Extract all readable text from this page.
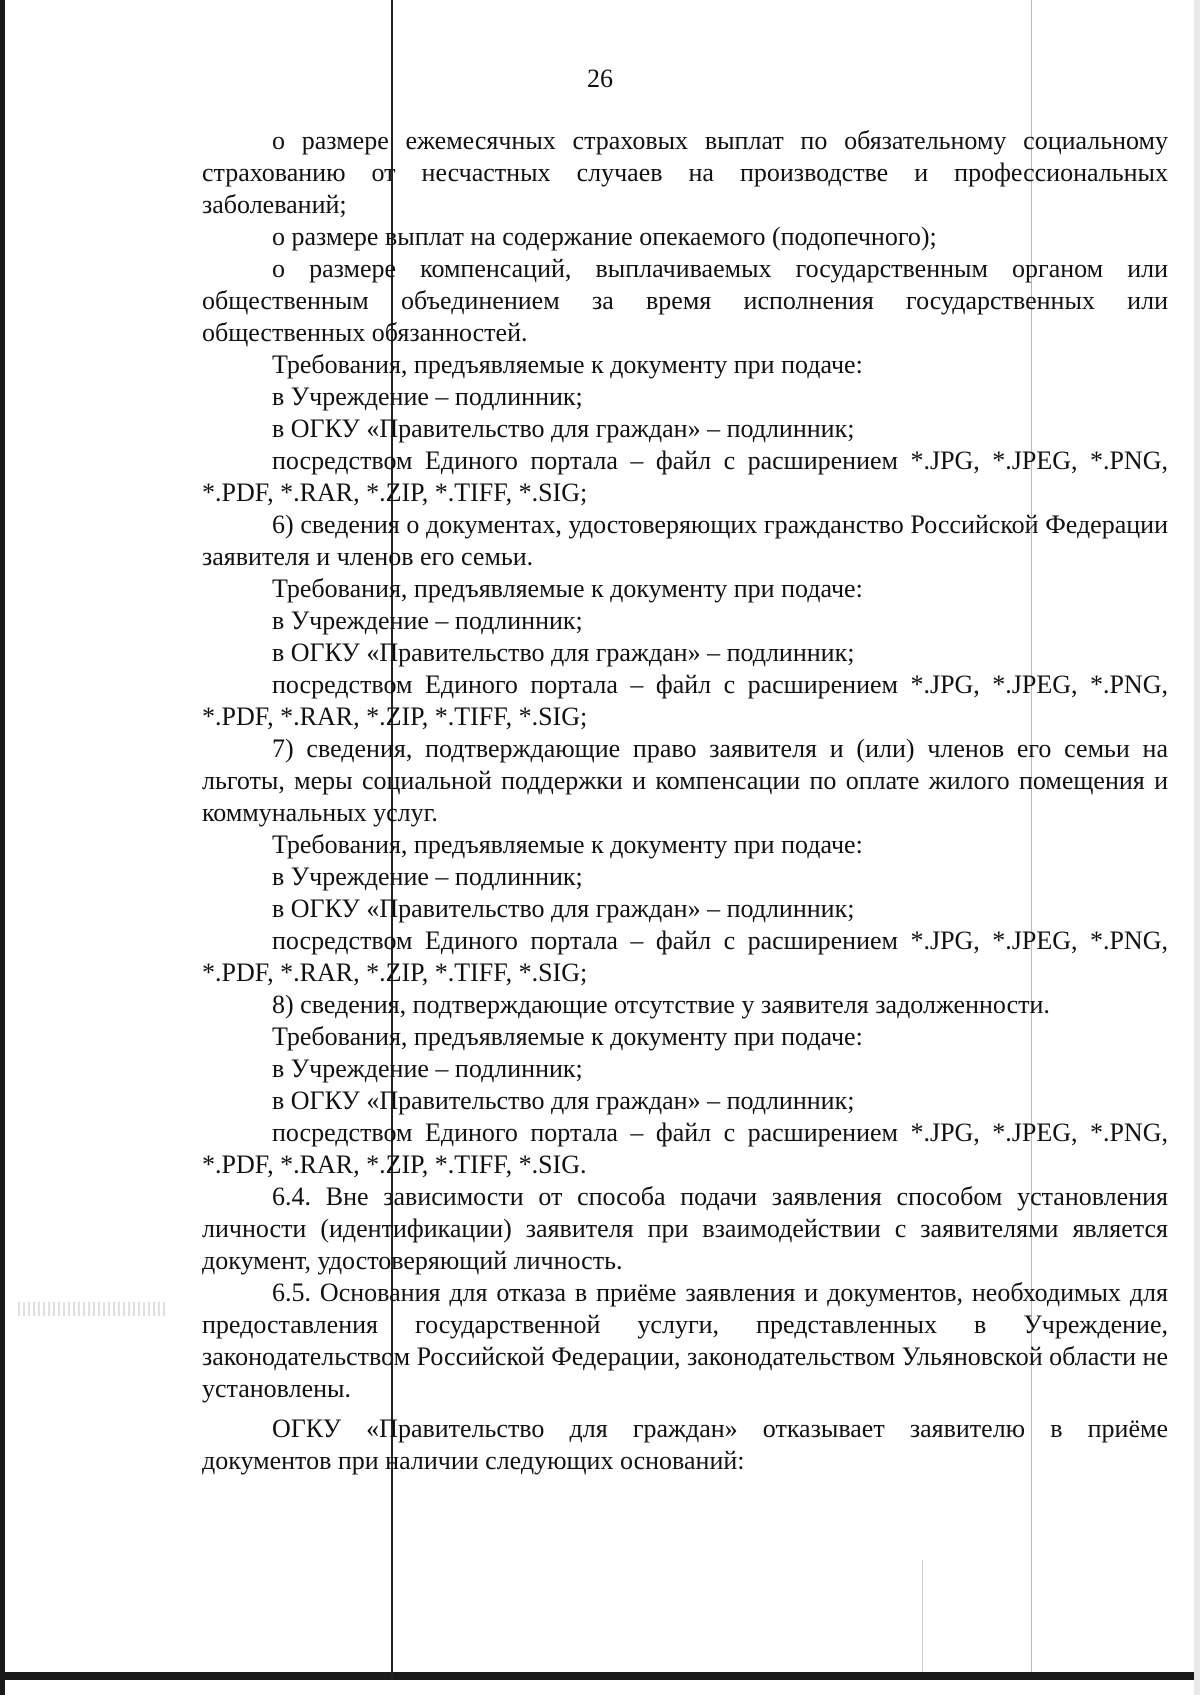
26

о размере ежемесячных страховых выплат по обязательному социальному страхованию от несчастных случаев на производстве и профессиональных заболеваний;

о размере выплат на содержание опекаемого (подопечного);

о размере компенсаций, выплачиваемых государственным органом или общественным объединением за время исполнения государственных или общественных обязанностей.

Требования, предъявляемые к документу при подаче:

в Учреждение – подлинник;

в ОГКУ «Правительство для граждан» – подлинник;

посредством Единого портала – файл с расширением *.JPG, *.JPEG, *.PNG, *.PDF, *.RAR, *.ZIP, *.TIFF, *.SIG;

6) сведения о документах, удостоверяющих гражданство Российской Федерации заявителя и членов его семьи.

Требования, предъявляемые к документу при подаче:

в Учреждение – подлинник;

в ОГКУ «Правительство для граждан» – подлинник;

посредством Единого портала – файл с расширением *.JPG, *.JPEG, *.PNG, *.PDF, *.RAR, *.ZIP, *.TIFF, *.SIG;

7) сведения, подтверждающие право заявителя и (или) членов его семьи на льготы, меры социальной поддержки и компенсации по оплате жилого помещения и коммунальных услуг.

Требования, предъявляемые к документу при подаче:

в Учреждение – подлинник;

в ОГКУ «Правительство для граждан» – подлинник;

посредством Единого портала – файл с расширением *.JPG, *.JPEG, *.PNG, *.PDF, *.RAR, *.ZIP, *.TIFF, *.SIG;

8) сведения, подтверждающие отсутствие у заявителя задолженности.

Требования, предъявляемые к документу при подаче:

в Учреждение – подлинник;

в ОГКУ «Правительство для граждан» – подлинник;

посредством Единого портала – файл с расширением *.JPG, *.JPEG, *.PNG, *.PDF, *.RAR, *.ZIP, *.TIFF, *.SIG.

6.4. Вне зависимости от способа подачи заявления способом установления личности (идентификации) заявителя при взаимодействии с заявителями является документ, удостоверяющий личность.

6.5. Основания для отказа в приёме заявления и документов, необходимых для предоставления государственной услуги, представленных в Учреждение, законодательством Российской Федерации, законодательством Ульяновской области не установлены.

ОГКУ «Правительство для граждан» отказывает заявителю в приёме документов при наличии следующих оснований:
